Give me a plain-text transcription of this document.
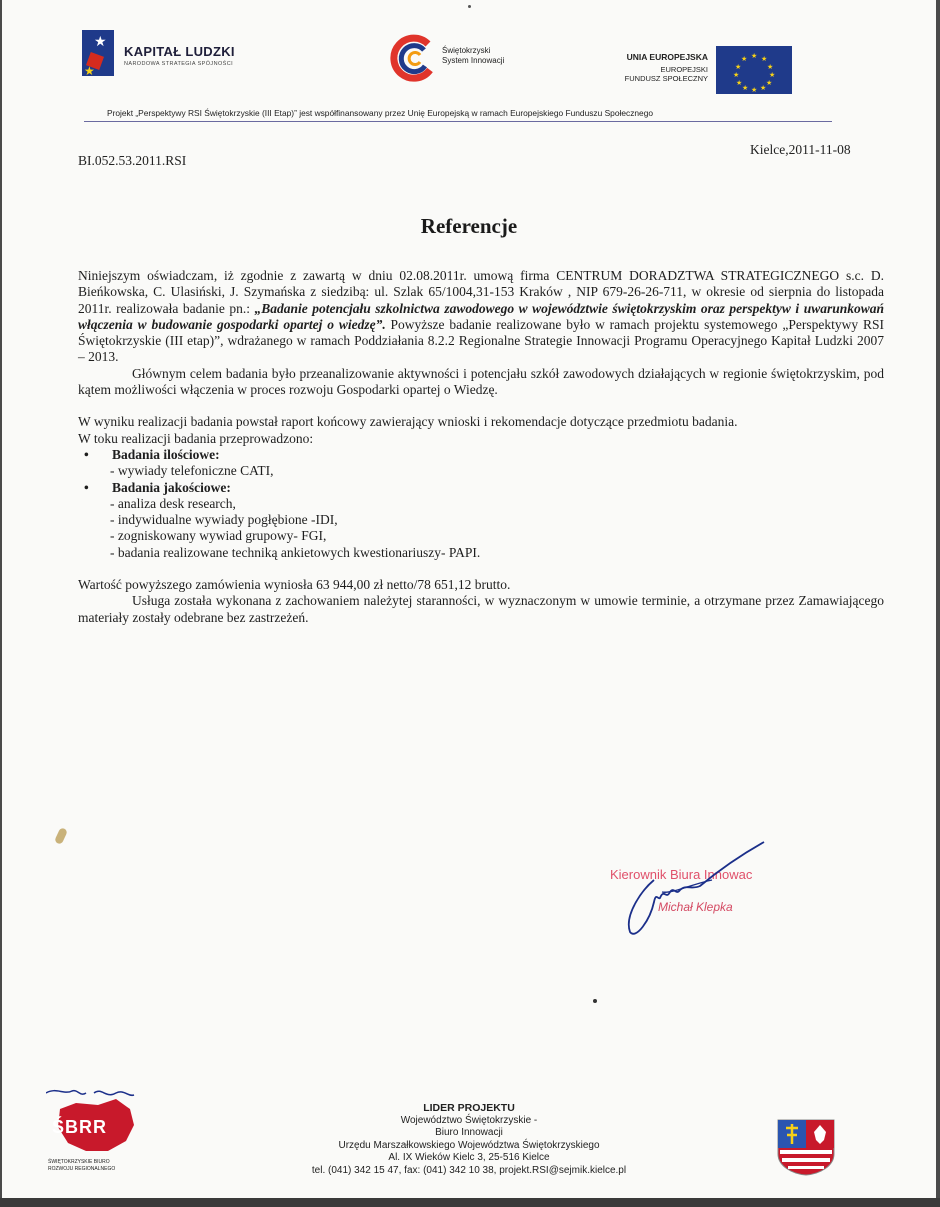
★
★
KAPITAŁ LUDZKI
NARODOWA STRATEGIA SPÓJNOŚCI
Świętokrzyski
System Innowacji	UNIA EUROPEJSKA
EUROPEJSKI
FUNDUSZ SPOŁECZNY
★ ★
★
★
★
★
★
★
★
★
★
★
Projekt „Perspektywy RSI Świętokrzyskie (III Etap)” jest współfinansowany przez Unię Europejską w ramach Europejskiego Funduszu Społecznego
BI.052.53.2011.RSI
Kielce,2011-11-08
Referencje

Niniejszym oświadczam, iż zgodnie z zawartą w dniu 02.08.2011r. umową firma CENTRUM DORADZTWA STRATEGICZNEGO s.c. D. Bieńkowska, C. Ulasiński, J. Szymańska z siedzibą: ul. Szlak 65/1004,31-153 Kraków , NIP 679-26-26-711, w okresie od sierpnia do listopada 2011r. realizowała badanie pn.: „Badanie potencjału szkolnictwa zawodowego w województwie świętokrzyskim oraz perspektyw i uwarunkowań włączenia w budowanie gospodarki opartej o wiedzę”. Powyższe badanie realizowane było w ramach projektu systemowego „Perspektywy RSI Świętokrzyskie (III etap)”, wdrażanego w ramach Poddziałania 8.2.2 Regionalne Strategie Innowacji Programu Operacyjnego Kapitał Ludzki 2007 – 2013.

Głównym celem badania było przeanalizowanie aktywności i potencjału szkół zawodowych działających w regionie świętokrzyskim, pod kątem możliwości włączenia w proces rozwoju Gospodarki opartej o Wiedzę.

W wyniku realizacji badania powstał raport końcowy zawierający wnioski i rekomendacje dotyczące przedmiotu badania.

W toku realizacji badania przeprowadzono:

• Badania ilościowe:
- wywiady telefoniczne CATI,
• Badania jakościowe:
- analiza desk research,
- indywidualne wywiady pogłębione -IDI,
- zogniskowany wywiad grupowy- FGI,
- badania realizowane techniką ankietowych kwestionariuszy- PAPI.

Wartość powyższego zamówienia wyniosła 63 944,00 zł netto/78 651,12 brutto.

Usługa została wykonana z zachowaniem należytej staranności, w wyznaczonym w umowie terminie, a otrzymane przez Zamawiającego materiały zostały odebrane bez zastrzeżeń.

Kierownik Biura Innowac
Michał Klepka
ŚBRR
ŚWIĘTOKRZYSKIE BIURO
ROZWOJU REGIONALNEGO
LIDER PROJEKTU
Województwo Świętokrzyskie -
Biuro Innowacji
Urzędu Marszałkowskiego Województwa Świętokrzyskiego
Al. IX Wieków Kielc 3, 25-516 Kielce
tel. (041) 342 15 47, fax: (041) 342 10 38, projekt.RSI@sejmik.kielce.pl
